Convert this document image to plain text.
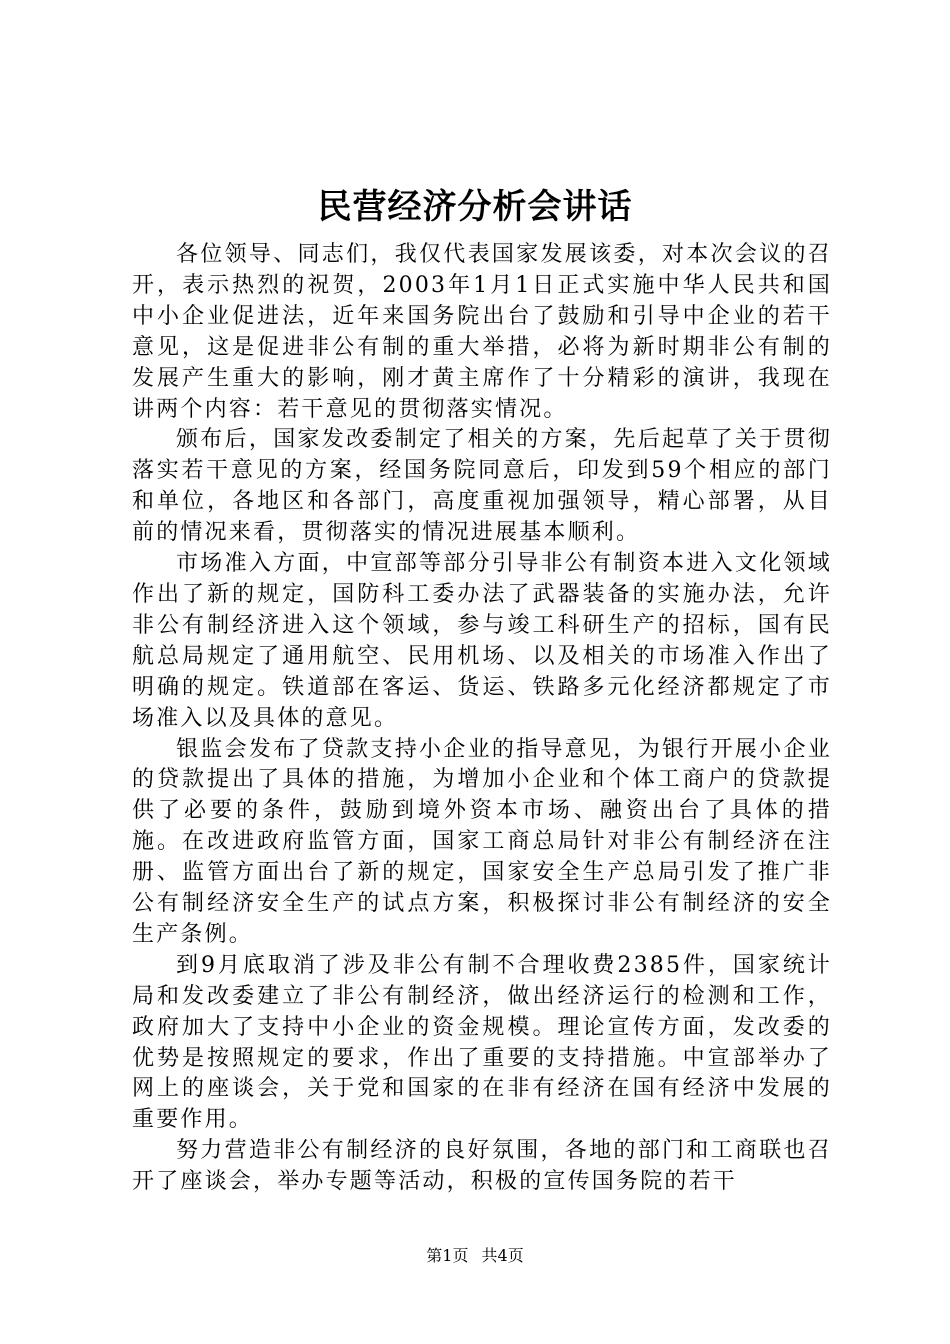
民营经济分析会讲话

各位领导、同志们，我仅代表国家发展该委，对本次会议的召开，表示热烈的祝贺，2003年1月1日正式实施中华人民共和国中小企业促进法，近年来国务院出台了鼓励和引导中企业的若干意见，这是促进非公有制的重大举措，必将为新时期非公有制的发展产生重大的影响，刚才黄主席作了十分精彩的演讲，我现在讲两个内容：若干意见的贯彻落实情况。

颁布后，国家发改委制定了相关的方案，先后起草了关于贯彻落实若干意见的方案，经国务院同意后，印发到59个相应的部门和单位，各地区和各部门，高度重视加强领导，精心部署，从目前的情况来看，贯彻落实的情况进展基本顺利。

市场准入方面，中宣部等部分引导非公有制资本进入文化领域作出了新的规定，国防科工委办法了武器装备的实施办法，允许非公有制经济进入这个领域，参与竣工科研生产的招标，国有民航总局规定了通用航空、民用机场、以及相关的市场准入作出了明确的规定。铁道部在客运、货运、铁路多元化经济都规定了市场准入以及具体的意见。

银监会发布了贷款支持小企业的指导意见，为银行开展小企业的贷款提出了具体的措施，为增加小企业和个体工商户的贷款提供了必要的条件，鼓励到境外资本市场、融资出台了具体的措施。在改进政府监管方面，国家工商总局针对非公有制经济在注册、监管方面出台了新的规定，国家安全生产总局引发了推广非公有制经济安全生产的试点方案，积极探讨非公有制经济的安全生产条例。

到9月底取消了涉及非公有制不合理收费2385件，国家统计局和发改委建立了非公有制经济，做出经济运行的检测和工作，政府加大了支持中小企业的资金规模。理论宣传方面，发改委的优势是按照规定的要求，作出了重要的支持措施。中宣部举办了网上的座谈会，关于党和国家的在非有经济在国有经济中发展的重要作用。

努力营造非公有制经济的良好氛围，各地的部门和工商联也召开了座谈会，举办专题等活动，积极的宣传国务院的若干

第1页 共4页
